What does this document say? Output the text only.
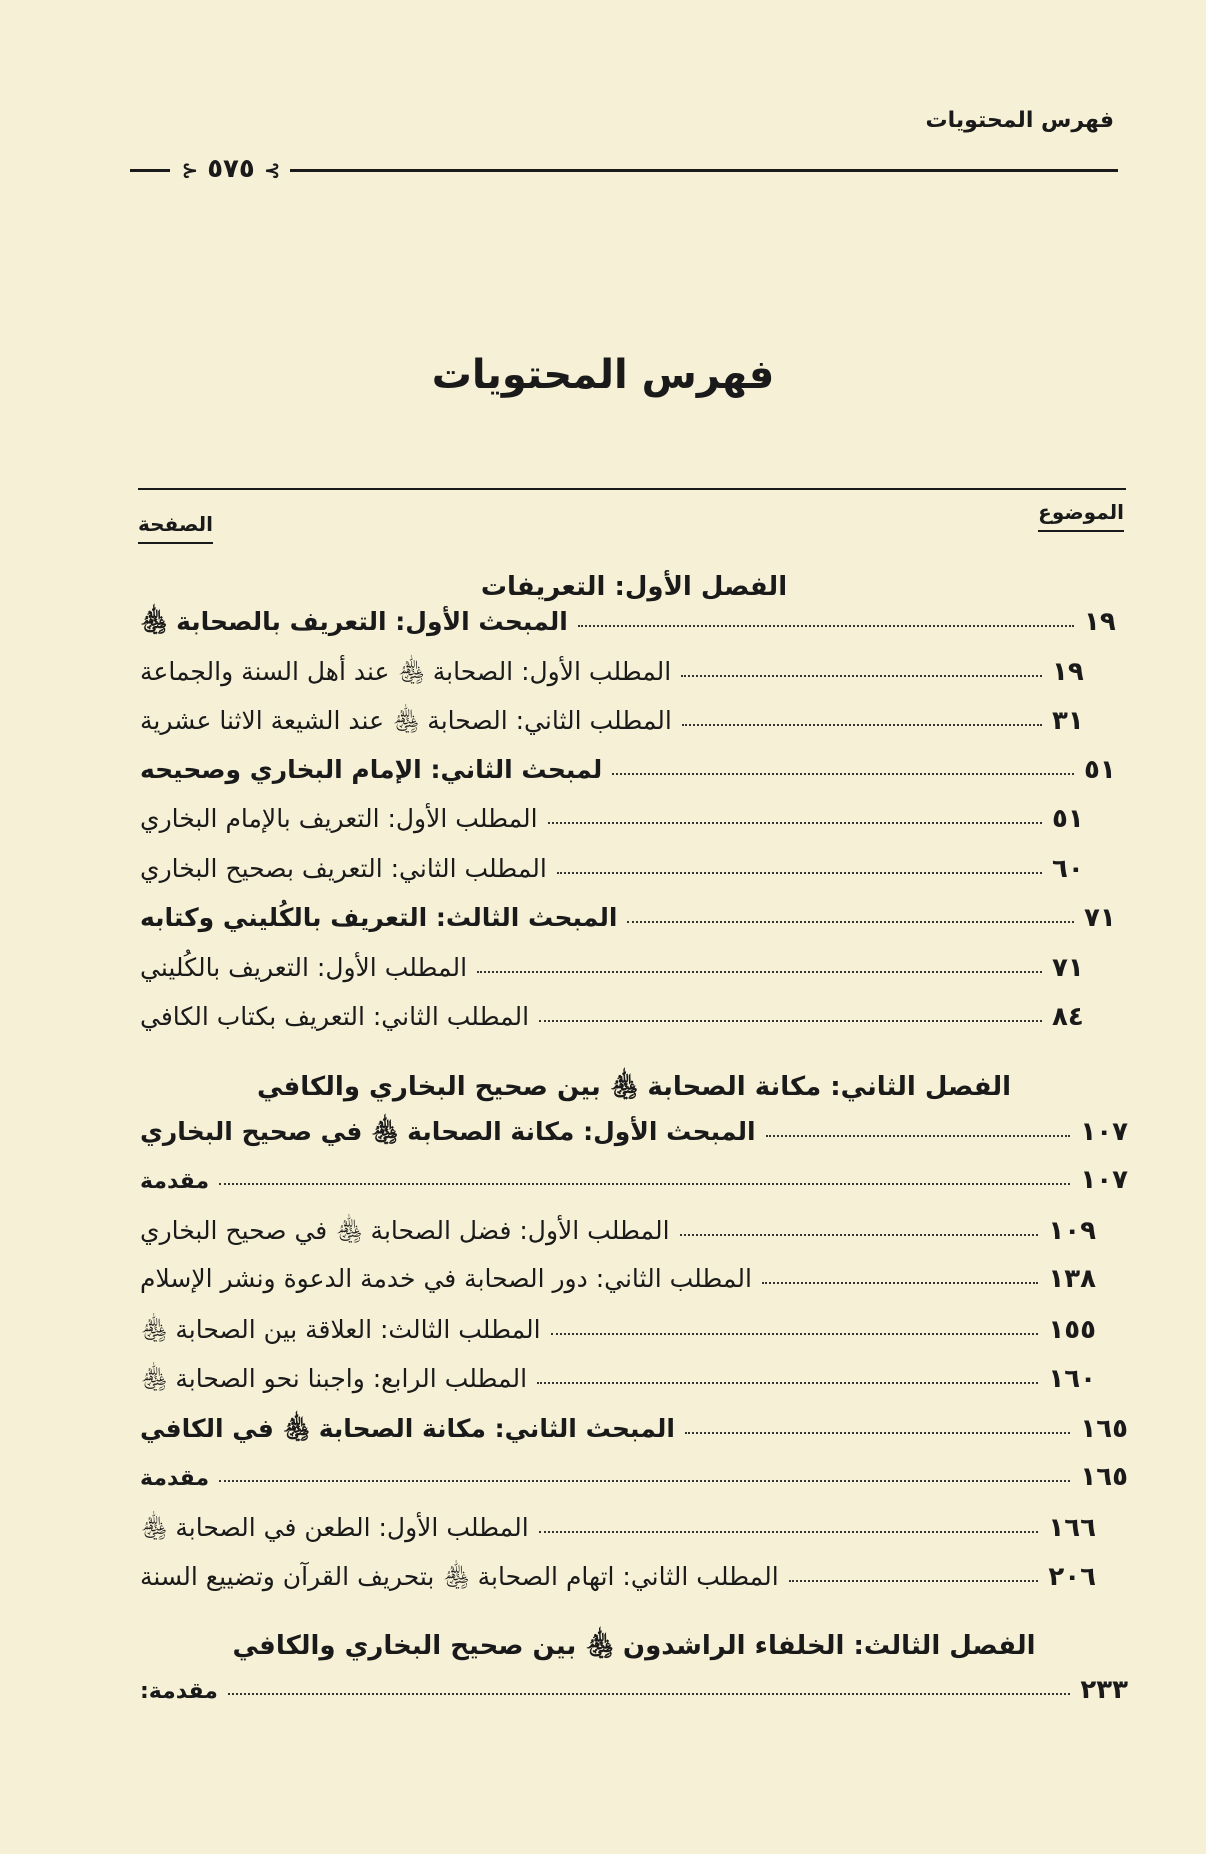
فهرس المحتويات
⊱ ٥٧٥ ⊰
فهرس المحتويات
الموضوع
الصفحة
الفصل الأول: التعريفات
المبحث الأول: التعريف بالصحابة ﵃	١٩
المطلب الأول: الصحابة ﵃ عند أهل السنة والجماعة	١٩
المطلب الثاني: الصحابة ﵃ عند الشيعة الاثنا عشرية	٣١
لمبحث الثاني: الإمام البخاري وصحيحه	٥١
المطلب الأول: التعريف بالإمام البخاري	٥١
المطلب الثاني: التعريف بصحيح البخاري	٦٠
المبحث الثالث: التعريف بالكُليني وكتابه	٧١
المطلب الأول: التعريف بالكُليني	٧١
المطلب الثاني: التعريف بكتاب الكافي	٨٤
الفصل الثاني: مكانة الصحابة ﵃ بين صحيح البخاري والكافي
المبحث الأول: مكانة الصحابة ﵃ في صحيح البخاري	١٠٧
مقدمة	١٠٧
المطلب الأول: فضل الصحابة ﵃ في صحيح البخاري	١٠٩
المطلب الثاني: دور الصحابة في خدمة الدعوة ونشر الإسلام	١٣٨
المطلب الثالث: العلاقة بين الصحابة ﵃	١٥٥
المطلب الرابع: واجبنا نحو الصحابة ﵃	١٦٠
المبحث الثاني: مكانة الصحابة ﵃ في الكافي	١٦٥
مقدمة	١٦٥
المطلب الأول: الطعن في الصحابة ﵃	١٦٦
المطلب الثاني: اتهام الصحابة ﵃ بتحريف القرآن وتضييع السنة	٢٠٦
الفصل الثالث: الخلفاء الراشدون ﵃ بين صحيح البخاري والكافي
مقدمة:	٢٣٣
